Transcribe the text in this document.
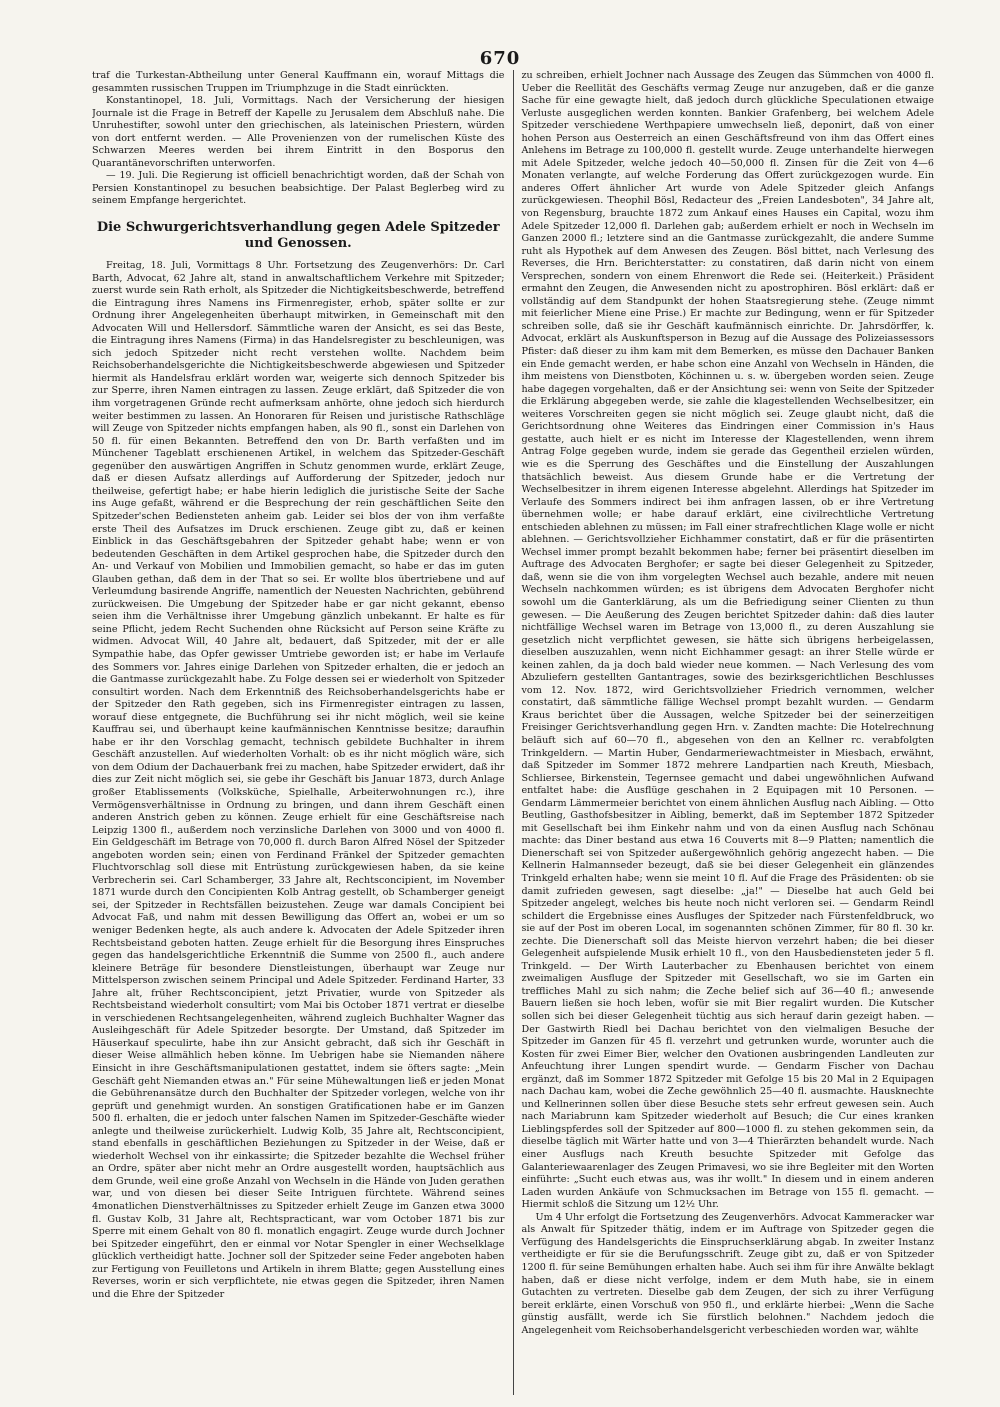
670

traf die Turkestan-Abtheilung unter General Kauffmann ein, worauf Mittags die gesammten russischen Truppen im Triumphzuge in die Stadt einrückten.

Konstantinopel, 18. Juli, Vormittags. Nach der Versicherung der hiesigen Journale ist die Frage in Betreff der Kapelle zu Jerusalem dem Abschluß nahe. Die Unruhestifter, sowohl unter den griechischen, als lateinischen Priestern, würden von dort entfernt werden. — Alle Provenienzen von der rumelischen Küste des Schwarzen Meeres werden bei ihrem Eintritt in den Bosporus den Quarantänevorschriften unterworfen.

— 19. Juli. Die Regierung ist officiell benachrichtigt worden, daß der Schah von Persien Konstantinopel zu besuchen beabsichtige. Der Palast Beglerbeg wird zu seinem Empfange hergerichtet.

Die Schwurgerichtsverhandlung gegen Adele Spitzeder und Genossen.

Freitag, 18. Juli, Vormittags 8 Uhr. Fortsetzung des Zeugenverhörs: Dr. Carl Barth, Advocat, 62 Jahre alt, stand in anwaltschaftlichem Verkehre mit Spitzeder; zuerst wurde sein Rath erholt, als Spitzeder die Nichtigkeitsbeschwerde, betreffend die Eintragung ihres Namens ins Firmenregister, erhob, später sollte er zur Ordnung ihrer Angelegenheiten überhaupt mitwirken, in Gemeinschaft mit den Advocaten Will und Hellersdorf. Sämmtliche waren der Ansicht, es sei das Beste, die Eintragung ihres Namens (Firma) in das Handelsregister zu beschleunigen, was sich jedoch Spitzeder nicht recht verstehen wollte. Nachdem beim Reichsoberhandelsgerichte die Nichtigkeitsbeschwerde abgewiesen und Spitzeder hiermit als Handelsfrau erklärt worden war, weigerte sich dennoch Spitzeder bis zur Sperre, ihren Namen eintragen zu lassen. Zeuge erklärt, daß Spitzeder die von ihm vorgetragenen Gründe recht aufmerksam anhörte, ohne jedoch sich hierdurch weiter bestimmen zu lassen. An Honoraren für Reisen und juristische Rathschläge will Zeuge von Spitzeder nichts empfangen haben, als 90 fl., sonst ein Darlehen von 50 fl. für einen Bekannten. Betreffend den von Dr. Barth verfaßten und im Münchener Tageblatt erschienenen Artikel, in welchem das Spitzeder-Geschäft gegenüber den auswärtigen Angriffen in Schutz genommen wurde, erklärt Zeuge, daß er diesen Aufsatz allerdings auf Aufforderung der Spitzeder, jedoch nur theilweise, gefertigt habe; er habe hierin lediglich die juristische Seite der Sache ins Auge gefaßt, während er die Besprechung der rein geschäftlichen Seite den Spitzeder'schen Bediensteten anheim gab. Leider sei blos der von ihm verfaßte erste Theil des Aufsatzes im Druck erschienen. Zeuge gibt zu, daß er keinen Einblick in das Geschäftsgebahren der Spitzeder gehabt habe; wenn er von bedeutenden Geschäften in dem Artikel gesprochen habe, die Spitzeder durch den An- und Verkauf von Mobilien und Immobilien gemacht, so habe er das im guten Glauben gethan, daß dem in der That so sei. Er wollte blos übertriebene und auf Verleumdung basirende Angriffe, namentlich der Neuesten Nachrichten, gebührend zurückweisen. Die Umgebung der Spitzeder habe er gar nicht gekannt, ebenso seien ihm die Verhältnisse ihrer Umgebung gänzlich unbekannt. Er halte es für seine Pflicht, jedem Recht Suchenden ohne Rücksicht auf Person seine Kräfte zu widmen. Advocat Will, 40 Jahre alt, bedauert, daß Spitzeder, mit der er alle Sympathie habe, das Opfer gewisser Umtriebe geworden ist; er habe im Verlaufe des Sommers vor. Jahres einige Darlehen von Spitzeder erhalten, die er jedoch an die Gantmasse zurückgezahlt habe. Zu Folge dessen sei er wiederholt von Spitzeder consultirt worden. Nach dem Erkenntniß des Reichsoberhandelsgerichts habe er der Spitzeder den Rath gegeben, sich ins Firmenregister eintragen zu lassen, worauf diese entgegnete, die Buchführung sei ihr nicht möglich, weil sie keine Kauffrau sei, und überhaupt keine kaufmännischen Kenntnisse besitze; daraufhin habe er ihr den Vorschlag gemacht, technisch gebildete Buchhalter in ihrem Geschäft anzustellen. Auf wiederholten Vorhalt: ob es ihr nicht möglich wäre, sich von dem Odium der Dachauerbank frei zu machen, habe Spitzeder erwidert, daß ihr dies zur Zeit nicht möglich sei, sie gebe ihr Geschäft bis Januar 1873, durch Anlage großer Etablissements (Volksküche, Spielhalle, Arbeiterwohnungen rc.), ihre Vermögensverhältnisse in Ordnung zu bringen, und dann ihrem Geschäft einen anderen Anstrich geben zu können. Zeuge erhielt für eine Geschäftsreise nach Leipzig 1300 fl., außerdem noch verzinsliche Darlehen von 3000 und von 4000 fl. Ein Geldgeschäft im Betrage von 70,000 fl. durch Baron Alfred Nösel der Spitzeder angeboten worden sein; einen von Ferdinand Fränkel der Spitzeder gemachten Fluchtvorschlag soll diese mit Entrüstung zurückgewiesen haben, da sie keine Verbrecherin sei. Carl Schamberger, 33 Jahre alt, Rechtsconcipient, im November 1871 wurde durch den Concipienten Kolb Antrag gestellt, ob Schamberger geneigt sei, der Spitzeder in Rechtsfällen beizustehen. Zeuge war damals Concipient bei Advocat Faß, und nahm mit dessen Bewilligung das Offert an, wobei er um so weniger Bedenken hegte, als auch andere k. Advocaten der Adele Spitzeder ihren Rechtsbeistand geboten hatten. Zeuge erhielt für die Besorgung ihres Einspruches gegen das handelsgerichtliche Erkenntniß die Summe von 2500 fl., auch andere kleinere Beträge für besondere Dienstleistungen, überhaupt war Zeuge nur Mittelsperson zwischen seinem Principal und Adele Spitzeder. Ferdinand Harter, 33 Jahre alt, früher Rechtsconcipient, jetzt Privatier, wurde von Spitzeder als Rechtsbeistand wiederholt consultirt; vom Mai bis October 1871 vertrat er dieselbe in verschiedenen Rechtsangelegenheiten, während zugleich Buchhalter Wagner das Ausleihgeschäft für Adele Spitzeder besorgte. Der Umstand, daß Spitzeder im Häuserkauf speculirte, habe ihn zur Ansicht gebracht, daß sich ihr Geschäft in dieser Weise allmählich heben könne. Im Uebrigen habe sie Niemanden nähere Einsicht in ihre Geschäftsmanipulationen gestattet, indem sie öfters sagte: „Mein Geschäft geht Niemanden etwas an." Für seine Mühewaltungen ließ er jeden Monat die Gebührenansätze durch den Buchhalter der Spitzeder vorlegen, welche von ihr geprüft und genehmigt wurden. An sonstigen Gratificationen habe er im Ganzen 500 fl. erhalten, die er jedoch unter falschen Namen im Spitzeder-Geschäfte wieder anlegte und theilweise zurückerhielt. Ludwig Kolb, 35 Jahre alt, Rechtsconcipient, stand ebenfalls in geschäftlichen Beziehungen zu Spitzeder in der Weise, daß er wiederholt Wechsel von ihr einkassirte; die Spitzeder bezahlte die Wechsel früher an Ordre, später aber nicht mehr an Ordre ausgestellt worden, hauptsächlich aus dem Grunde, weil eine große Anzahl von Wechseln in die Hände von Juden gerathen war, und von diesen bei dieser Seite Intriguen fürchtete. Während seines 4monatlichen Dienstverhältnisses zu Spitzeder erhielt Zeuge im Ganzen etwa 3000 fl. Gustav Kolb, 31 Jahre alt, Rechtspracticant, war vom October 1871 bis zur Sperre mit einem Gehalt von 80 fl. monatlich engagirt. Zeuge wurde durch Jochner bei Spitzeder eingeführt, den er einmal vor Notar Spengler in einer Wechselklage glücklich vertheidigt hatte. Jochner soll der Spitzeder seine Feder angeboten haben zur Fertigung von Feuilletons und Artikeln in ihrem Blatte; gegen Ausstellung eines Reverses, worin er sich verpflichtete, nie etwas gegen die Spitzeder, ihren Namen und die Ehre der Spitzeder

zu schreiben, erhielt Jochner nach Aussage des Zeugen das Sümmchen von 4000 fl. Ueber die Reellität des Geschäfts vermag Zeuge nur anzugeben, daß er die ganze Sache für eine gewagte hielt, daß jedoch durch glückliche Speculationen etwaige Verluste ausgeglichen werden konnten. Bankier Grafenberg, bei welchem Adele Spitzeder verschiedene Werthpapiere umwechseln ließ, deponirt, daß von einer hohen Person aus Oesterreich an einen Geschäftsfreund von ihm das Offert eines Anlehens im Betrage zu 100,000 fl. gestellt wurde. Zeuge unterhandelte hierwegen mit Adele Spitzeder, welche jedoch 40—50,000 fl. Zinsen für die Zeit von 4—6 Monaten verlangte, auf welche Forderung das Offert zurückgezogen wurde. Ein anderes Offert ähnlicher Art wurde von Adele Spitzeder gleich Anfangs zurückgewiesen. Theophil Bösl, Redacteur des „Freien Landesboten", 34 Jahre alt, von Regensburg, brauchte 1872 zum Ankauf eines Hauses ein Capital, wozu ihm Adele Spitzeder 12,000 fl. Darlehen gab; außerdem erhielt er noch in Wechseln im Ganzen 2000 fl.; letztere sind an die Gantmasse zurückgezahlt, die andere Summe ruht als Hypothek auf dem Anwesen des Zeugen. Bösl bittet, nach Verlesung des Reverses, die Hrn. Berichterstatter: zu constatiren, daß darin nicht von einem Versprechen, sondern von einem Ehrenwort die Rede sei. (Heiterkeit.) Präsident ermahnt den Zeugen, die Anwesenden nicht zu apostrophiren. Bösl erklärt: daß er vollständig auf dem Standpunkt der hohen Staatsregierung stehe. (Zeuge nimmt mit feierlicher Miene eine Prise.) Er machte zur Bedingung, wenn er für Spitzeder schreiben solle, daß sie ihr Geschäft kaufmännisch einrichte. Dr. Jahrsdörffer, k. Advocat, erklärt als Auskunftsperson in Bezug auf die Aussage des Polizeiassessors Pfister: daß dieser zu ihm kam mit dem Bemerken, es müsse den Dachauer Banken ein Ende gemacht werden, er habe schon eine Anzahl von Wechseln in Händen, die ihm meistens von Dienstboten, Köchinnen u. s. w. übergeben worden seien. Zeuge habe dagegen vorgehalten, daß er der Ansichtung sei: wenn von Seite der Spitzeder die Erklärung abgegeben werde, sie zahle die klagestellenden Wechselbesitzer, ein weiteres Vorschreiten gegen sie nicht möglich sei. Zeuge glaubt nicht, daß die Gerichtsordnung ohne Weiteres das Eindringen einer Commission in's Haus gestatte, auch hielt er es nicht im Interesse der Klagestellenden, wenn ihrem Antrag Folge gegeben wurde, indem sie gerade das Gegentheil erzielen würden, wie es die Sperrung des Geschäftes und die Einstellung der Auszahlungen thatsächlich beweist. Aus diesem Grunde habe er die Vertretung der Wechselbesitzer in ihrem eigenen Interesse abgelehnt. Allerdings hat Spitzeder im Verlaufe des Sommers indirect bei ihm anfragen lassen, ob er ihre Vertretung übernehmen wolle; er habe darauf erklärt, eine civilrechtliche Vertretung entschieden ablehnen zu müssen; im Fall einer strafrechtlichen Klage wolle er nicht ablehnen. — Gerichtsvollzieher Eichhammer constatirt, daß er für die präsentirten Wechsel immer prompt bezahlt bekommen habe; ferner bei präsentirt dieselben im Auftrage des Advocaten Berghofer; er sagte bei dieser Gelegenheit zu Spitzeder, daß, wenn sie die von ihm vorgelegten Wechsel auch bezahle, andere mit neuen Wechseln nachkommen würden; es ist übrigens dem Advocaten Berghofer nicht sowohl um die Ganterklärung, als um die Befriedigung seiner Clienten zu thun gewesen. — Die Aeußerung des Zeugen berichtet Spitzeder dahin: daß dies lauter nichtfällige Wechsel waren im Betrage von 13,000 fl., zu deren Auszahlung sie gesetzlich nicht verpflichtet gewesen, sie hätte sich übrigens herbeigelassen, dieselben auszuzahlen, wenn nicht Eichhammer gesagt: an ihrer Stelle würde er keinen zahlen, da ja doch bald wieder neue kommen. — Nach Verlesung des vom Abzuliefern gestellten Gantantrages, sowie des bezirksgerichtlichen Beschlusses vom 12. Nov. 1872, wird Gerichtsvollzieher Friedrich vernommen, welcher constatirt, daß sämmtliche fällige Wechsel prompt bezahlt wurden. — Gendarm Kraus berichtet über die Aussagen, welche Spitzeder bei der seinerzeitigen Freisinger Gerichtsverhandlung gegen Hrn. v. Zandten machte: Die Hotelrechnung beläuft sich auf 60—70 fl., abgesehen von den an Kellner rc. verabfolgten Trinkgeldern. — Martin Huber, Gendarmeriewachtmeister in Miesbach, erwähnt, daß Spitzeder im Sommer 1872 mehrere Landpartien nach Kreuth, Miesbach, Schliersee, Birkenstein, Tegernsee gemacht und dabei ungewöhnlichen Aufwand entfaltet habe: die Ausflüge geschahen in 2 Equipagen mit 10 Personen. — Gendarm Lämmermeier berichtet von einem ähnlichen Ausflug nach Aibling. — Otto Beutling, Gasthofsbesitzer in Aibling, bemerkt, daß im September 1872 Spitzeder mit Gesellschaft bei ihm Einkehr nahm und von da einen Ausflug nach Schönau machte: das Diner bestand aus etwa 16 Couverts mit 8—9 Platten; namentlich die Dienerschaft sei von Spitzeder außergewöhnlich gehörig angezecht haben. — Die Kellnerin Halmannseder bezeugt, daß sie bei dieser Gelegenheit ein glänzendes Trinkgeld erhalten habe; wenn sie meint 10 fl. Auf die Frage des Präsidenten: ob sie damit zufrieden gewesen, sagt dieselbe: „ja!" — Dieselbe hat auch Geld bei Spitzeder angelegt, welches bis heute noch nicht verloren sei. — Gendarm Reindl schildert die Ergebnisse eines Ausfluges der Spitzeder nach Fürstenfeldbruck, wo sie auf der Post im oberen Local, im sogenannten schönen Zimmer, für 80 fl. 30 kr. zechte. Die Dienerschaft soll das Meiste hiervon verzehrt haben; die bei dieser Gelegenheit aufspielende Musik erhielt 10 fl., von den Hausbediensteten jeder 5 fl. Trinkgeld. — Der Wirth Lauterbacher zu Ebenhausen berichtet von einem zweimaligen Ausfluge der Spitzeder mit Gesellschaft, wo sie im Garten ein treffliches Mahl zu sich nahm; die Zeche belief sich auf 36—40 fl.; anwesende Bauern ließen sie hoch leben, wofür sie mit Bier regalirt wurden. Die Kutscher sollen sich bei dieser Gelegenheit tüchtig aus sich herauf darin gezeigt haben. — Der Gastwirth Riedl bei Dachau berichtet von den vielmaligen Besuche der Spitzeder im Ganzen für 45 fl. verzehrt und getrunken wurde, worunter auch die Kosten für zwei Eimer Bier, welcher den Ovationen ausbringenden Landleuten zur Anfeuchtung ihrer Lungen spendirt wurde. — Gendarm Fischer von Dachau ergänzt, daß im Sommer 1872 Spitzeder mit Gefolge 15 bis 20 Mal in 2 Equipagen nach Dachau kam, wobei die Zeche gewöhnlich 25—40 fl. ausmachte. Hausknechte und Kellnerinnen sollen über diese Besuche stets sehr erfreut gewesen sein. Auch nach Mariabrunn kam Spitzeder wiederholt auf Besuch; die Cur eines kranken Lieblingspferdes soll der Spitzeder auf 800—1000 fl. zu stehen gekommen sein, da dieselbe täglich mit Wärter hatte und von 3—4 Thierärzten behandelt wurde. Nach einer Ausflugs nach Kreuth besuchte Spitzeder mit Gefolge das Galanteriewaarenlager des Zeugen Primavesi, wo sie ihre Begleiter mit den Worten einführte: „Sucht euch etwas aus, was ihr wollt." In diesem und in einem anderen Laden wurden Ankäufe von Schmucksachen im Betrage von 155 fl. gemacht. — Hiermit schloß die Sitzung um 12½ Uhr.

Um 4 Uhr erfolgt die Fortsetzung des Zeugenverhörs. Advocat Kammeracker war als Anwalt für Spitzeder thätig, indem er im Auftrage von Spitzeder gegen die Verfügung des Handelsgerichts die Einspruchserklärung abgab. In zweiter Instanz vertheidigte er für sie die Berufungsschrift. Zeuge gibt zu, daß er von Spitzeder 1200 fl. für seine Bemühungen erhalten habe. Auch sei ihm für ihre Anwälte beklagt haben, daß er diese nicht verfolge, indem er dem Muth habe, sie in einem Gutachten zu vertreten. Dieselbe gab dem Zeugen, der sich zu ihrer Verfügung bereit erklärte, einen Vorschuß von 950 fl., und erklärte hierbei: „Wenn die Sache günstig ausfällt, werde ich Sie fürstlich belohnen." Nachdem jedoch die Angelegenheit vom Reichsoberhandelsgericht verbeschieden worden war, wählte
